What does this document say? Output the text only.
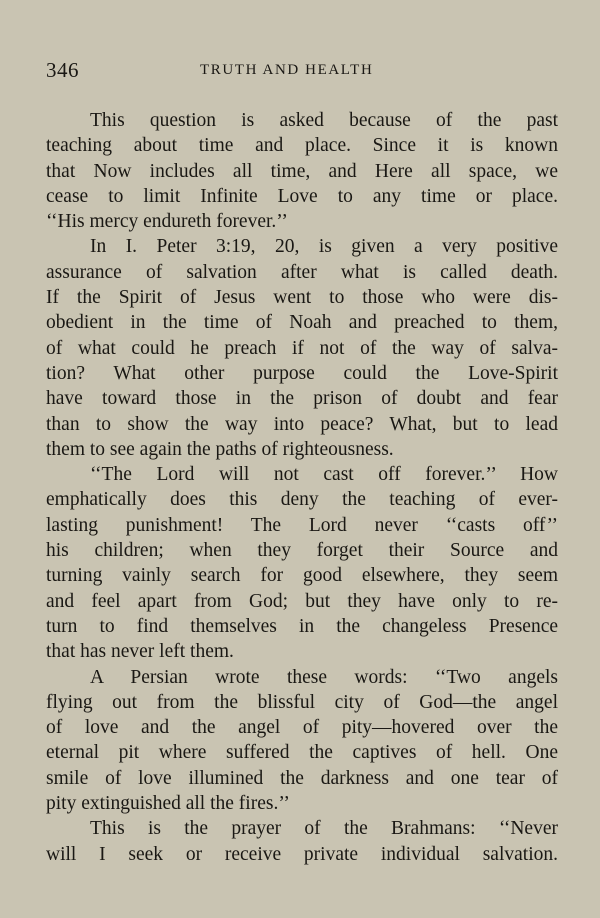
346	TRUTH AND HEALTH
This question is asked because of the past
teaching about time and place. Since it is known
that Now includes all time, and Here all space, we
cease to limit Infinite Love to any time or place.
‘‘His mercy endureth forever.’’
In I. Peter 3:19, 20, is given a very positive
assurance of salvation after what is called death.
If the Spirit of Jesus went to those who were dis-
obedient in the time of Noah and preached to them,
of what could he preach if not of the way of salva-
tion? What other purpose could the Love-Spirit
have toward those in the prison of doubt and fear
than to show the way into peace? What, but to lead
them to see again the paths of righteousness.
‘‘The Lord will not cast off forever.’’ How
emphatically does this deny the teaching of ever-
lasting punishment! The Lord never ‘‘casts off’’
his children; when they forget their Source and
turning vainly search for good elsewhere, they seem
and feel apart from God; but they have only to re-
turn to find themselves in the changeless Presence
that has never left them.
A Persian wrote these words: ‘‘Two angels
flying out from the blissful city of God—the angel
of love and the angel of pity—hovered over the
eternal pit where suffered the captives of hell. One
smile of love illumined the darkness and one tear of
pity extinguished all the fires.’’
This is the prayer of the Brahmans: ‘‘Never
will I seek or receive private individual salvation.
